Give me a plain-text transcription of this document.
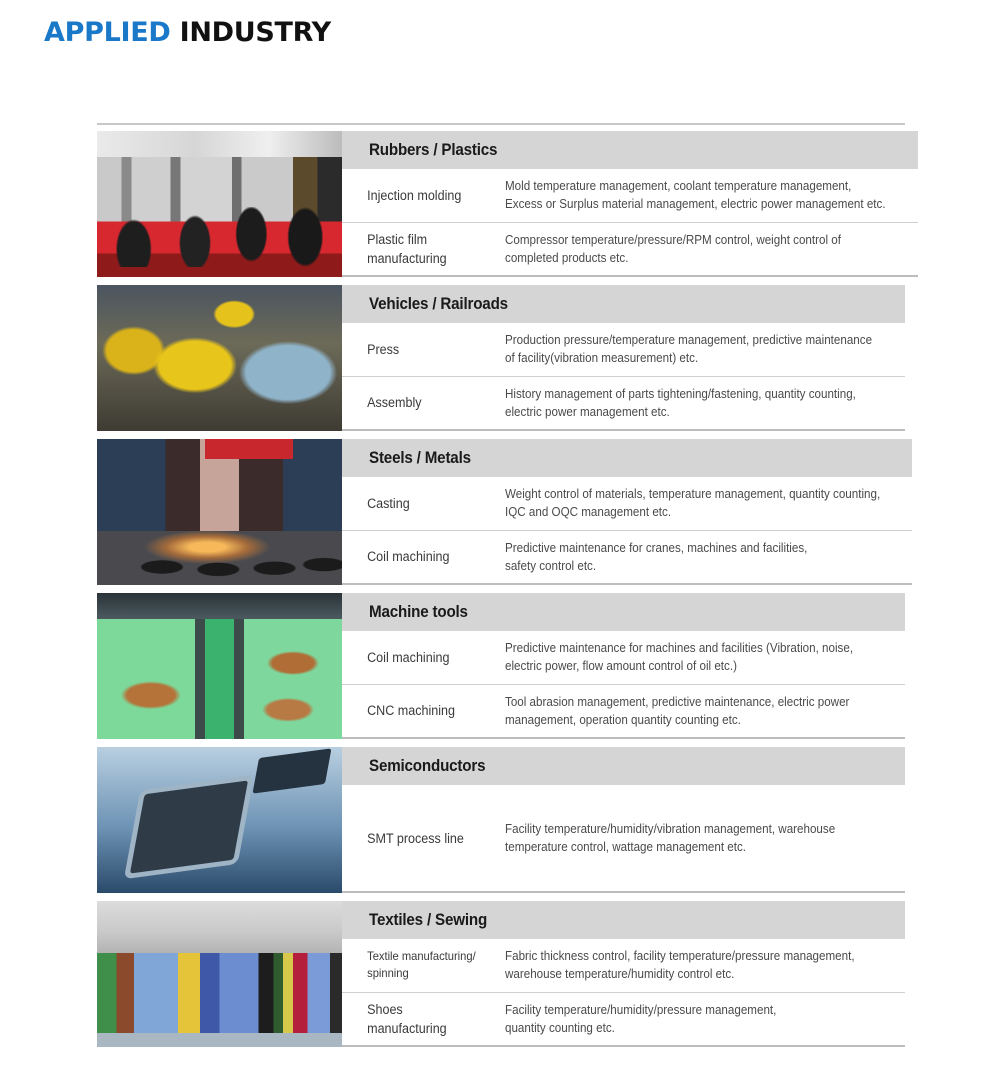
APPLIED INDUSTRY
Rubbers / Plastics
Injection molding
Mold temperature management, coolant temperature management,
Excess or Surplus material management, electric power management etc.
Plastic film
manufacturing
Compressor temperature/pressure/RPM control, weight control of
completed products etc.
Vehicles / Railroads
Press
Production pressure/temperature management, predictive maintenance
of facility(vibration measurement) etc.
Assembly
History management of parts tightening/fastening, quantity counting,
electric power management etc.
Steels / Metals
Casting
Weight control of materials, temperature management, quantity counting,
IQC and OQC management etc.
Coil machining
Predictive maintenance for cranes, machines and facilities,
safety control etc.
Machine tools
Coil machining
Predictive maintenance for machines and facilities (Vibration, noise,
electric power, flow amount control of oil etc.)
CNC machining
Tool abrasion management, predictive maintenance, electric power
management, operation quantity counting etc.
Semiconductors
SMT process line
Facility temperature/humidity/vibration management, warehouse
temperature control, wattage management etc.
Textiles / Sewing
Textile manufacturing/
spinning
Fabric thickness control, facility temperature/pressure management,
warehouse temperature/humidity control etc.
Shoes
manufacturing
Facility temperature/humidity/pressure management,
quantity counting etc.
